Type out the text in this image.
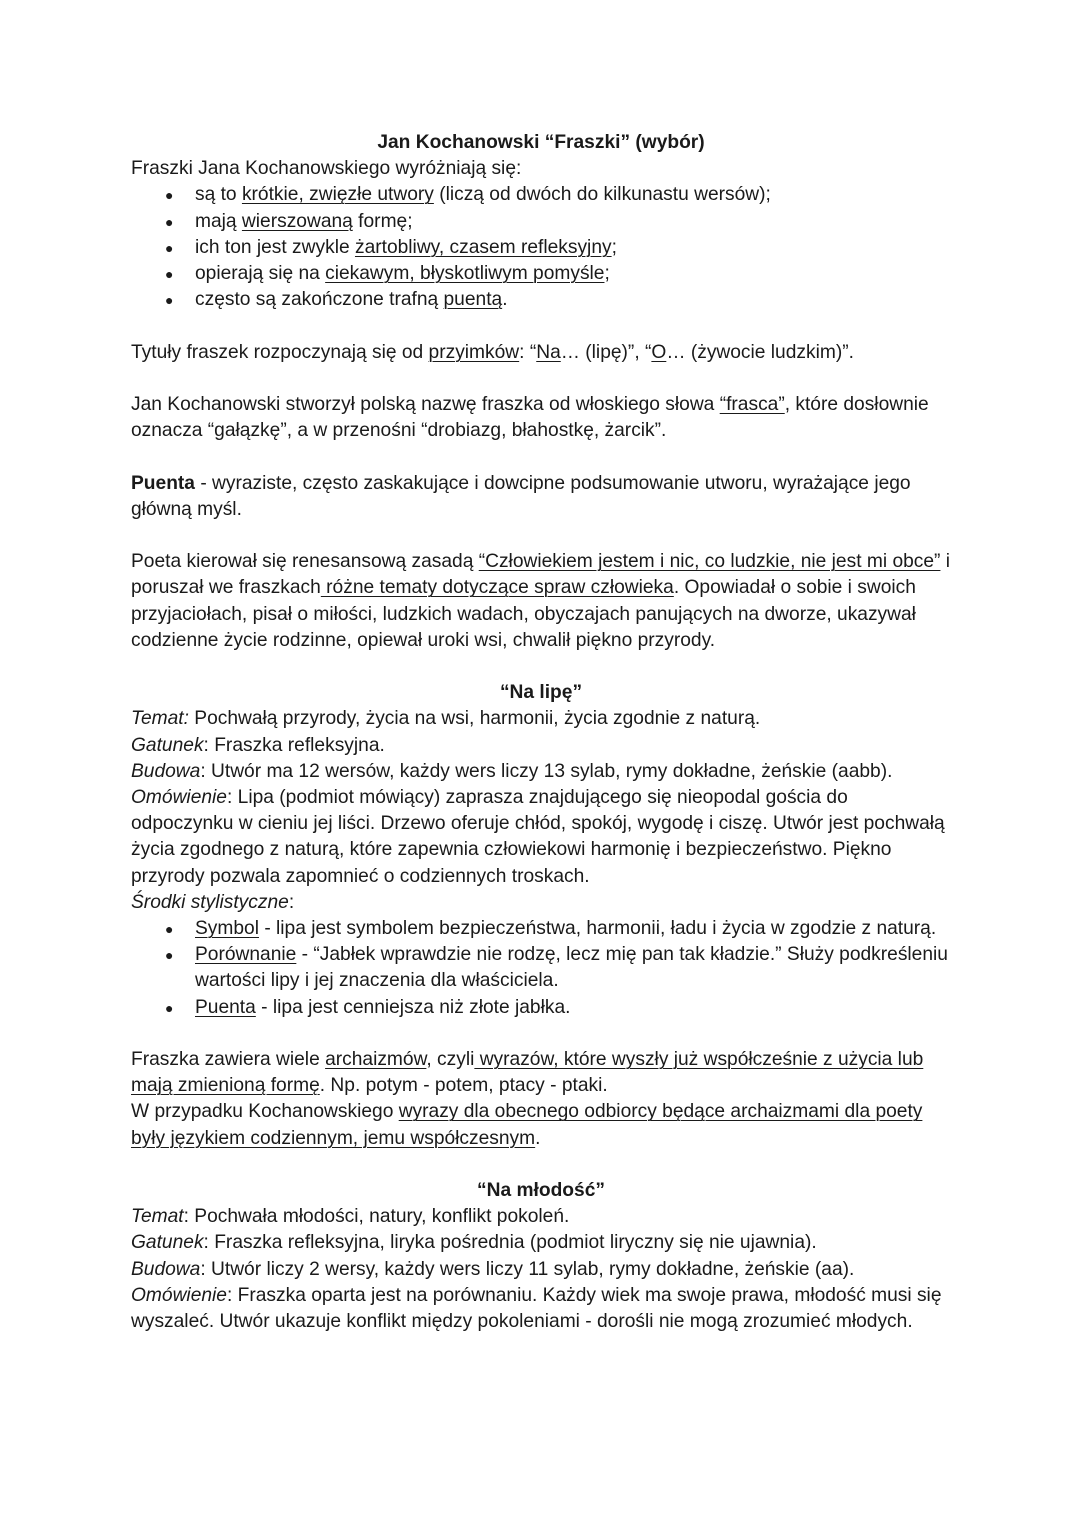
Jan Kochanowski “Fraszki” (wybór)

Fraszki Jana Kochanowskiego wyróżniają się:

● są to krótkie, zwięzłe utwory (liczą od dwóch do kilkunastu wersów);
● mają wierszowaną formę;
● ich ton jest zwykle żartobliwy, czasem refleksyjny;
● opierają się na ciekawym, błyskotliwym pomyśle;
● często są zakończone trafną puentą.

Tytuły fraszek rozpoczynają się od przyimków: “Na… (lipę)”, “O… (żywocie ludzkim)”.

Jan Kochanowski stworzył polską nazwę fraszka od włoskiego słowa “frasca”, które dosłownie oznacza “gałązkę”, a w przenośni “drobiazg, błahostkę, żarcik”.

Puenta - wyraziste, często zaskakujące i dowcipne podsumowanie utworu, wyrażające jego główną myśl.

Poeta kierował się renesansową zasadą “Człowiekiem jestem i nic, co ludzkie, nie jest mi obce” i poruszał we fraszkach różne tematy dotyczące spraw człowieka. Opowiadał o sobie i swoich przyjaciołach, pisał o miłości, ludzkich wadach, obyczajach panujących na dworze, ukazywał codzienne życie rodzinne, opiewał uroki wsi, chwalił piękno przyrody.

“Na lipę”

Temat: Pochwałą przyrody, życia na wsi, harmonii, życia zgodnie z naturą.

Gatunek: Fraszka refleksyjna.

Budowa: Utwór ma 12 wersów, każdy wers liczy 13 sylab, rymy dokładne, żeńskie (aabb).

Omówienie: Lipa (podmiot mówiący) zaprasza znajdującego się nieopodal gościa do odpoczynku w cieniu jej liści. Drzewo oferuje chłód, spokój, wygodę i ciszę. Utwór jest pochwałą życia zgodnego z naturą, które zapewnia człowiekowi harmonię i bezpieczeństwo. Piękno przyrody pozwala zapomnieć o codziennych troskach.

Środki stylistyczne:

● Symbol - lipa jest symbolem bezpieczeństwa, harmonii, ładu i życia w zgodzie z naturą.
● Porównanie - “Jabłek wprawdzie nie rodzę, lecz mię pan tak kładzie.” Służy podkreśleniu wartości lipy i jej znaczenia dla właściciela.
● Puenta - lipa jest cenniejsza niż złote jabłka.

Fraszka zawiera wiele archaizmów, czyli wyrazów, które wyszły już współcześnie z użycia lub mają zmienioną formę. Np. potym - potem, ptacy - ptaki.

W przypadku Kochanowskiego wyrazy dla obecnego odbiorcy będące archaizmami dla poety były językiem codziennym, jemu współczesnym.

“Na młodość”

Temat: Pochwała młodości, natury, konflikt pokoleń.

Gatunek: Fraszka refleksyjna, liryka pośrednia (podmiot liryczny się nie ujawnia).

Budowa: Utwór liczy 2 wersy, każdy wers liczy 11 sylab, rymy dokładne, żeńskie (aa).

Omówienie: Fraszka oparta jest na porównaniu. Każdy wiek ma swoje prawa, młodość musi się wyszaleć. Utwór ukazuje konflikt między pokoleniami - dorośli nie mogą zrozumieć młodych.
